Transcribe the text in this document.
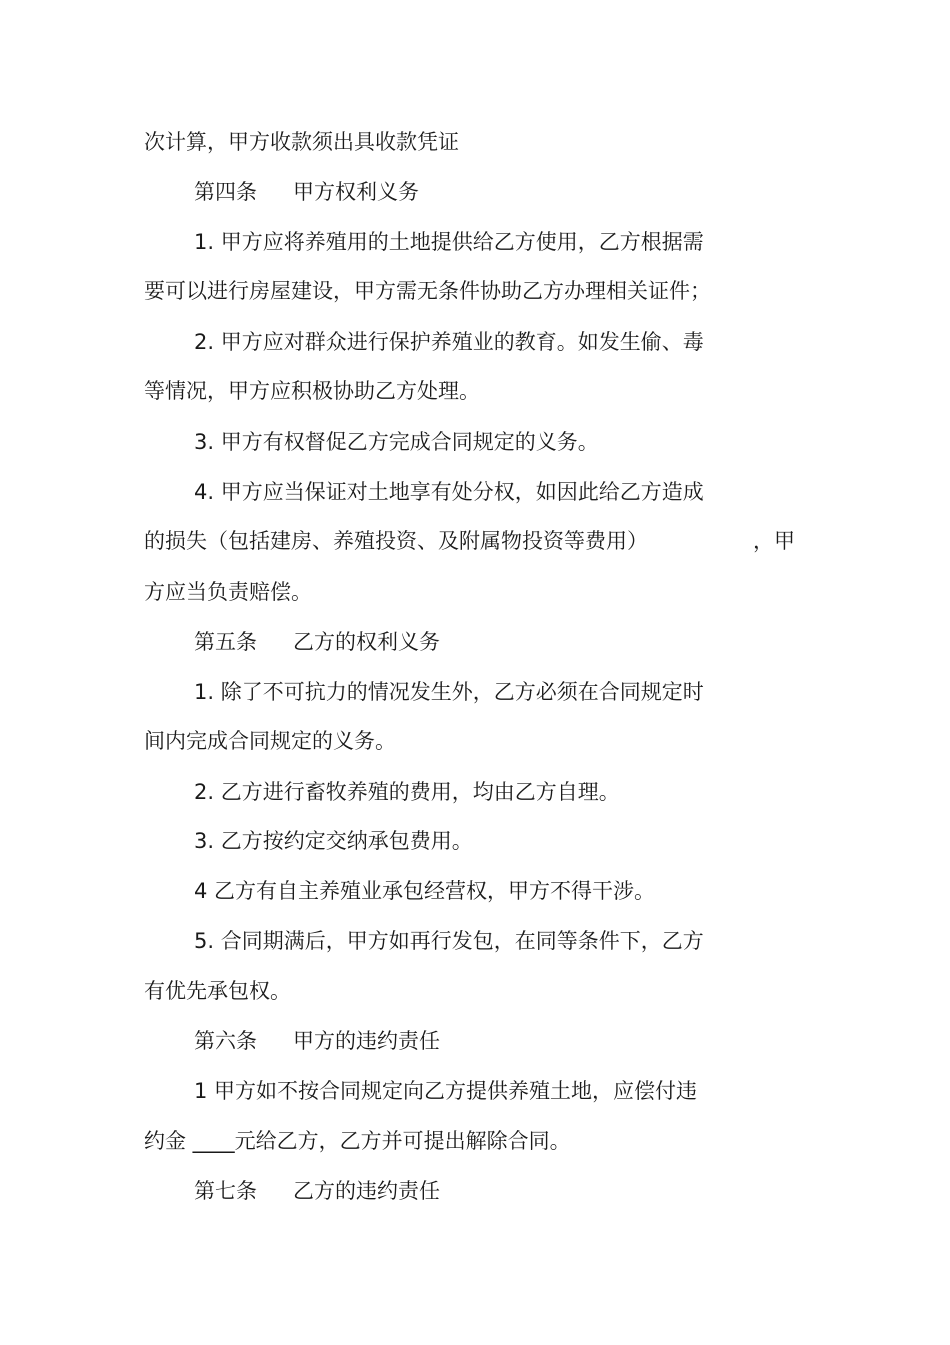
次计算，甲方收款须出具收款凭证
第四条 甲方权利义务
1. 甲方应将养殖用的土地提供给乙方使用，乙方根据需
要可以进行房屋建设，甲方需无条件协助乙方办理相关证件；
2. 甲方应对群众进行保护养殖业的教育。如发生偷、毒
等情况，甲方应积极协助乙方处理。
3. 甲方有权督促乙方完成合同规定的义务。
4. 甲方应当保证对土地享有处分权，如因此给乙方造成
的损失（包括建房、养殖投资、及附属物投资等费用）	，甲
方应当负责赔偿。
第五条 乙方的权利义务
1. 除了不可抗力的情况发生外，乙方必须在合同规定时
间内完成合同规定的义务。
2. 乙方进行畜牧养殖的费用，均由乙方自理。
3. 乙方按约定交纳承包费用。
4 乙方有自主养殖业承包经营权，甲方不得干涉。
5. 合同期满后，甲方如再行发包，在同等条件下，乙方
有优先承包权。
第六条 甲方的违约责任
1 甲方如不按合同规定向乙方提供养殖土地，应偿付违
约金 ____元给乙方，乙方并可提出解除合同。
第七条 乙方的违约责任
